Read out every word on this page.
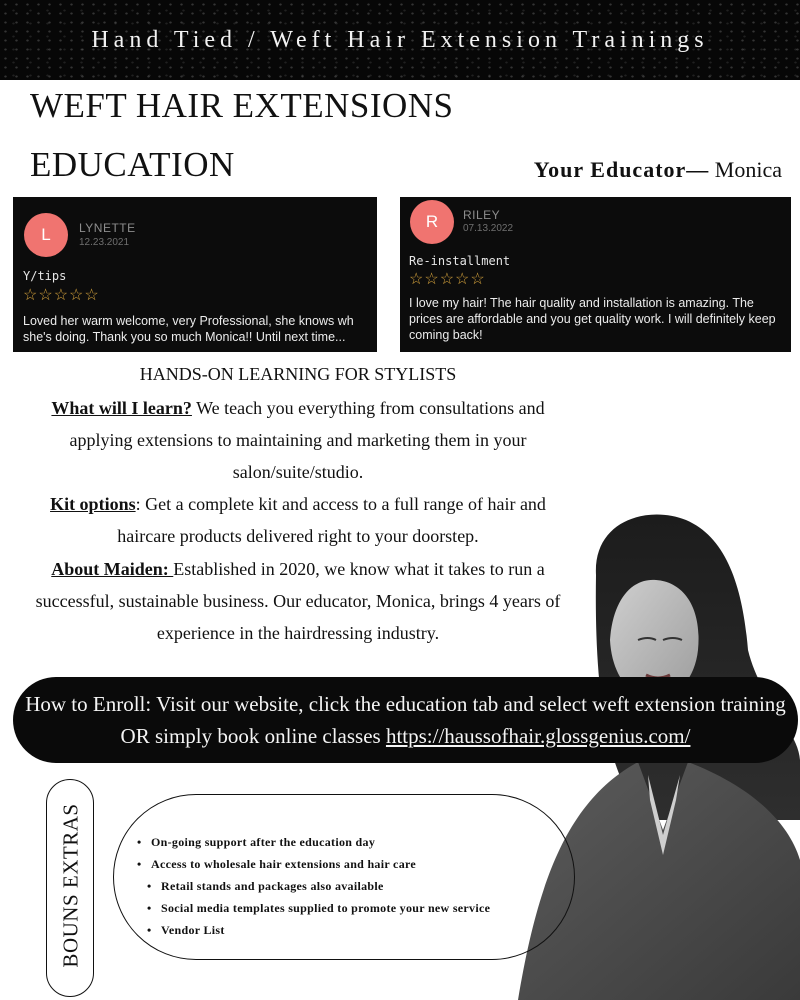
Hand Tied / Weft Hair Extension Trainings
WEFT HAIR EXTENSIONS
EDUCATION	Your Educator— Monica
L	LYNETTE
12.23.2021
Y/tips
☆☆☆☆☆
Loved her warm welcome, very Professional, she knows wh
she's doing. Thank you so much Monica!! Until next time...
R	RILEY
07.13.2022
Re-installment
☆☆☆☆☆
I love my hair! The hair quality and installation is amazing. The prices are affordable and you get quality work. I will definitely keep coming back!
HANDS-ON LEARNING FOR STYLISTS
What will I learn? We teach you everything from consultations and applying extensions to maintaining and marketing them in your salon/suite/studio.
Kit options: Get a complete kit and access to a full range of hair and haircare products delivered right to your doorstep.
About Maiden: Established in 2020, we know what it takes to run a successful, sustainable business. Our educator, Monica, brings 4 years of experience in the hairdressing industry.
How to Enroll: Visit our website, click the education tab and select weft extension training OR simply book online classes https://haussofhair.glossgenius.com/
BOUNS EXTRAS	• On-going support after the education day
• Access to wholesale hair extensions and hair care
• Retail stands and packages also available
• Social media templates supplied to promote your new service
• Vendor List
